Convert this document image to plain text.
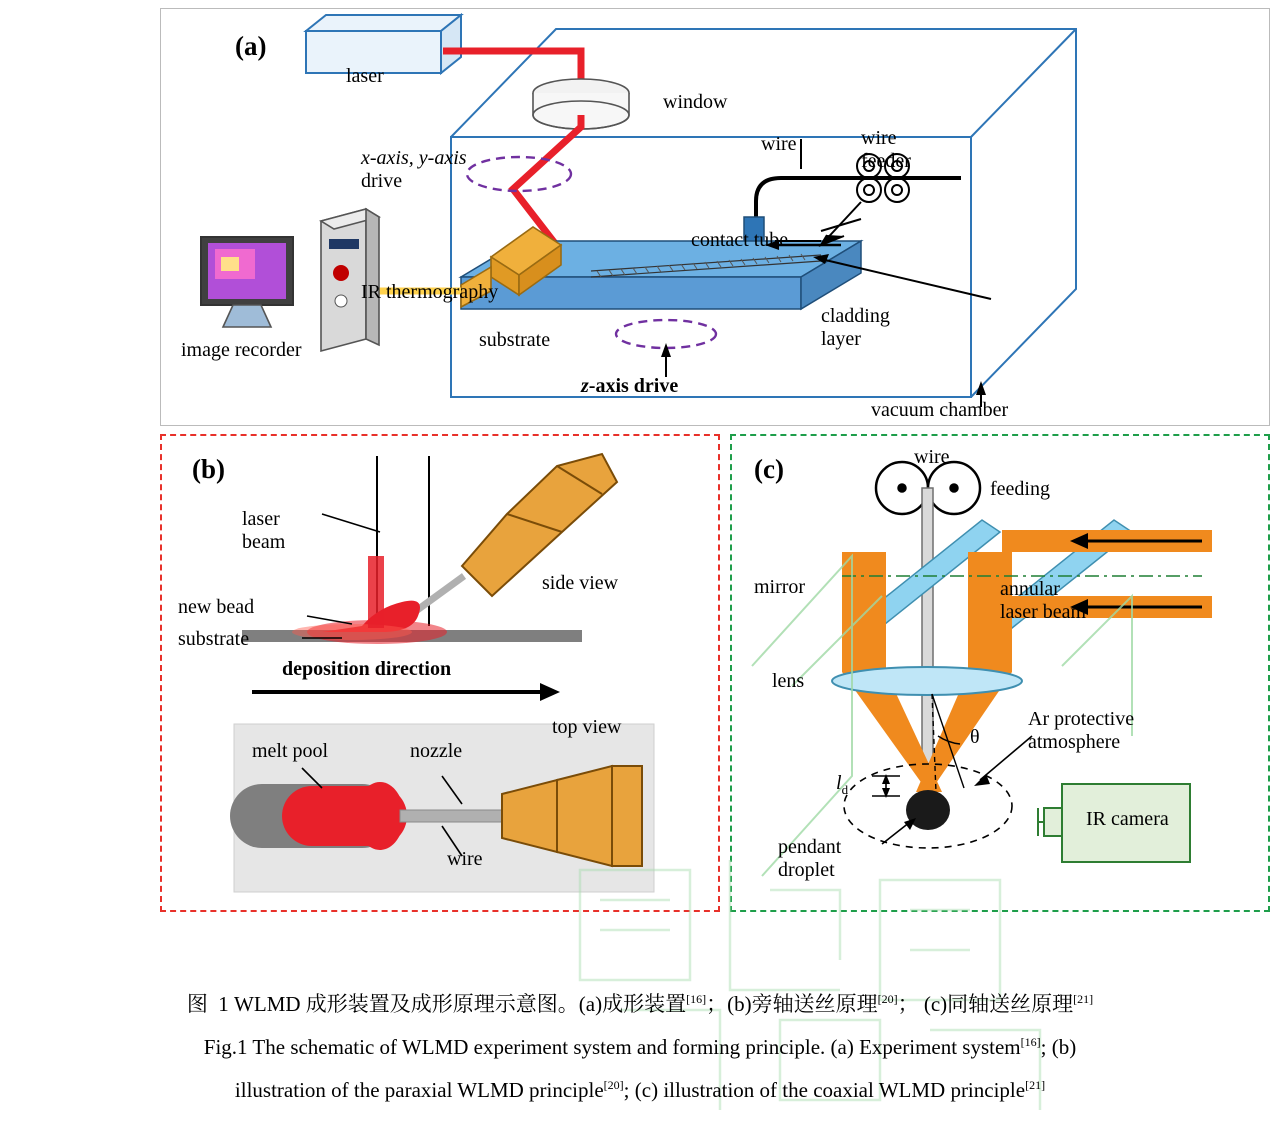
(a)
laser
window
wire	wire
feeder
x-axis, y-axis
drive
contact tube
IR thermography
cladding
layer
substrate
image recorder
z-axis drive
vacuum chamber
(b)
laser
beam
side view
new bead
substrate
deposition direction
top view
melt pool	nozzle
wire
(c)	wire
feeding
mirror	annular
laser beam
lens
θ
$l_d$
Ar protective
atmosphere
IR camera
pendant
droplet
图  1 WLMD 成形装置及成形原理示意图。(a)成形装置[16]；(b)旁轴送丝原理[20]； (c)同轴送丝原理[21]
Fig.1 The schematic of WLMD experiment system and forming principle. (a) Experiment system[16]; (b)
illustration of the paraxial WLMD principle[20]; (c) illustration of the coaxial WLMD principle[21]
